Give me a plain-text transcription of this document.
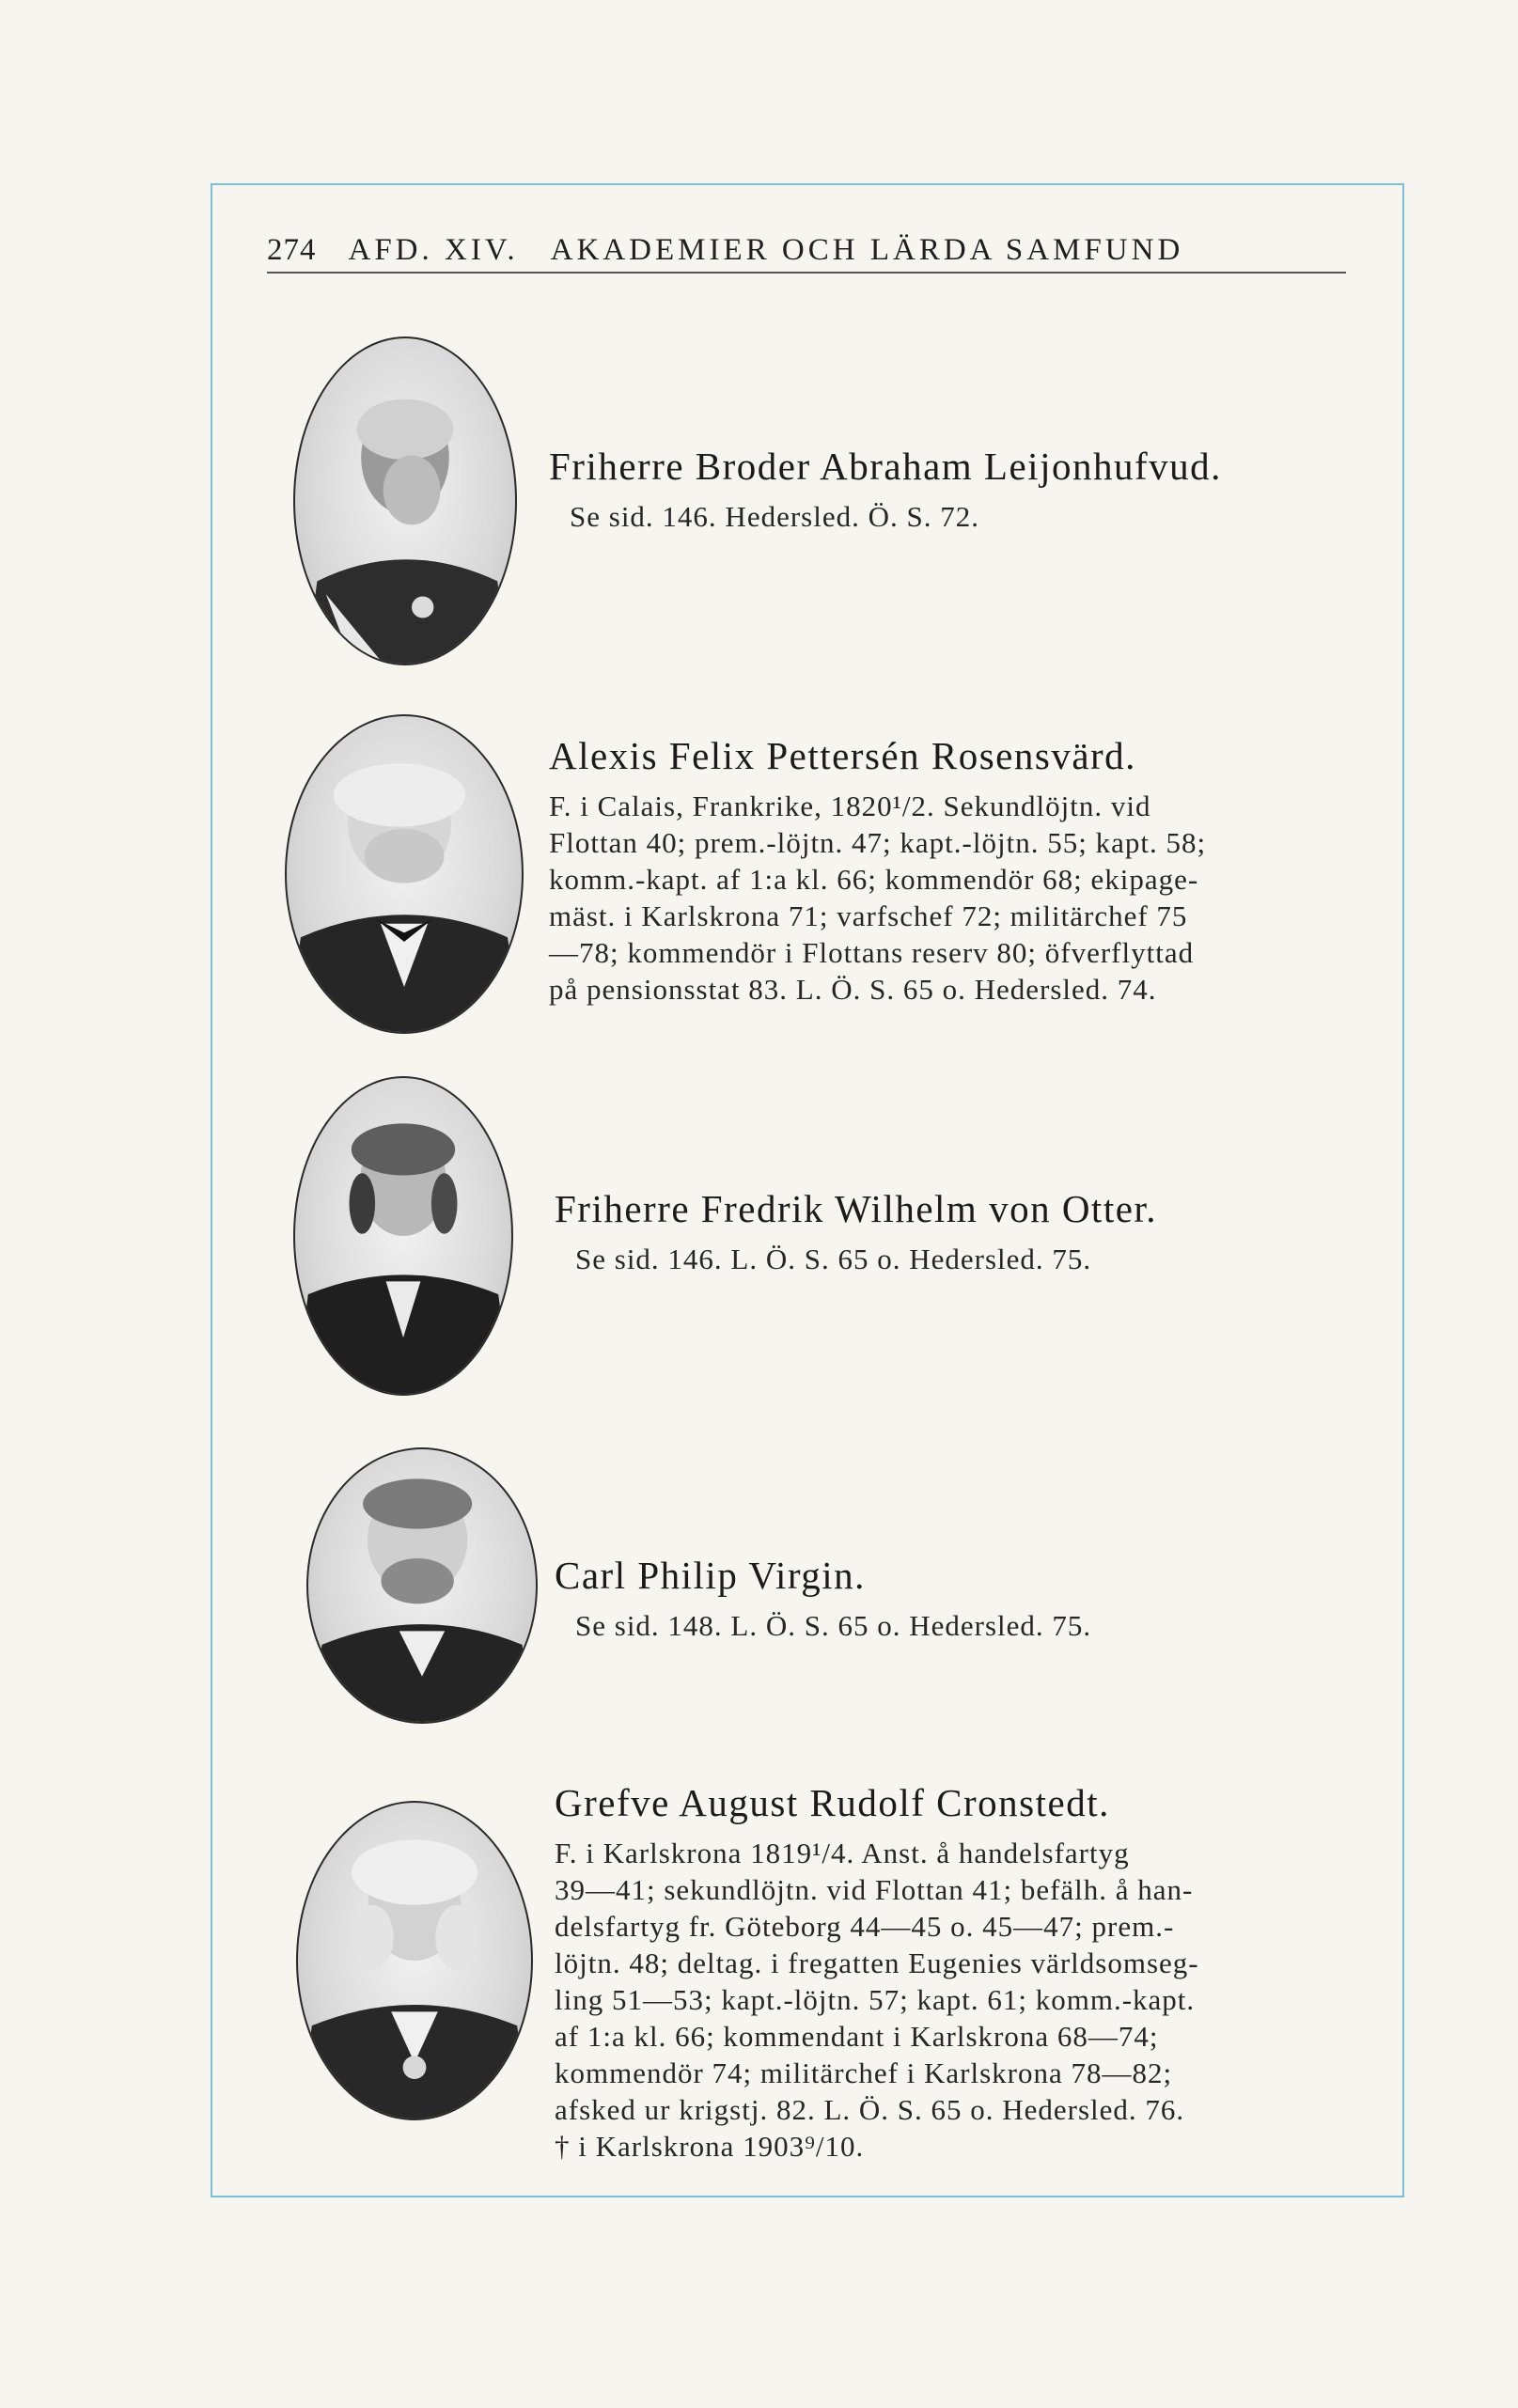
274 AFD. XIV. AKADEMIER OCH LÄRDA SAMFUND
Friherre Broder Abraham Leijonhufvud.
Se sid. 146. Hedersled. Ö. S. 72.
Alexis Felix Pettersén Rosensvärd.
F. i Calais, Frankrike, 1820¹/2. Sekundlöjtn. vid
Flottan 40; prem.-löjtn. 47; kapt.-löjtn. 55; kapt. 58;
komm.-kapt. af 1:a kl. 66; kommendör 68; ekipage-
mäst. i Karlskrona 71; varfschef 72; militärchef 75
—78; kommendör i Flottans reserv 80; öfverflyttad
på pensionsstat 83. L. Ö. S. 65 o. Hedersled. 74.
Friherre Fredrik Wilhelm von Otter.
Se sid. 146. L. Ö. S. 65 o. Hedersled. 75.
Carl Philip Virgin.
Se sid. 148. L. Ö. S. 65 o. Hedersled. 75.
Grefve August Rudolf Cronstedt.
F. i Karlskrona 1819¹/4. Anst. å handelsfartyg
39—41; sekundlöjtn. vid Flottan 41; befälh. å han-
delsfartyg fr. Göteborg 44—45 o. 45—47; prem.-
löjtn. 48; deltag. i fregatten Eugenies världsomseg-
ling 51—53; kapt.-löjtn. 57; kapt. 61; komm.-kapt.
af 1:a kl. 66; kommendant i Karlskrona 68—74;
kommendör 74; militärchef i Karlskrona 78—82;
afsked ur krigstj. 82. L. Ö. S. 65 o. Hedersled. 76.
† i Karlskrona 1903⁹/10.
